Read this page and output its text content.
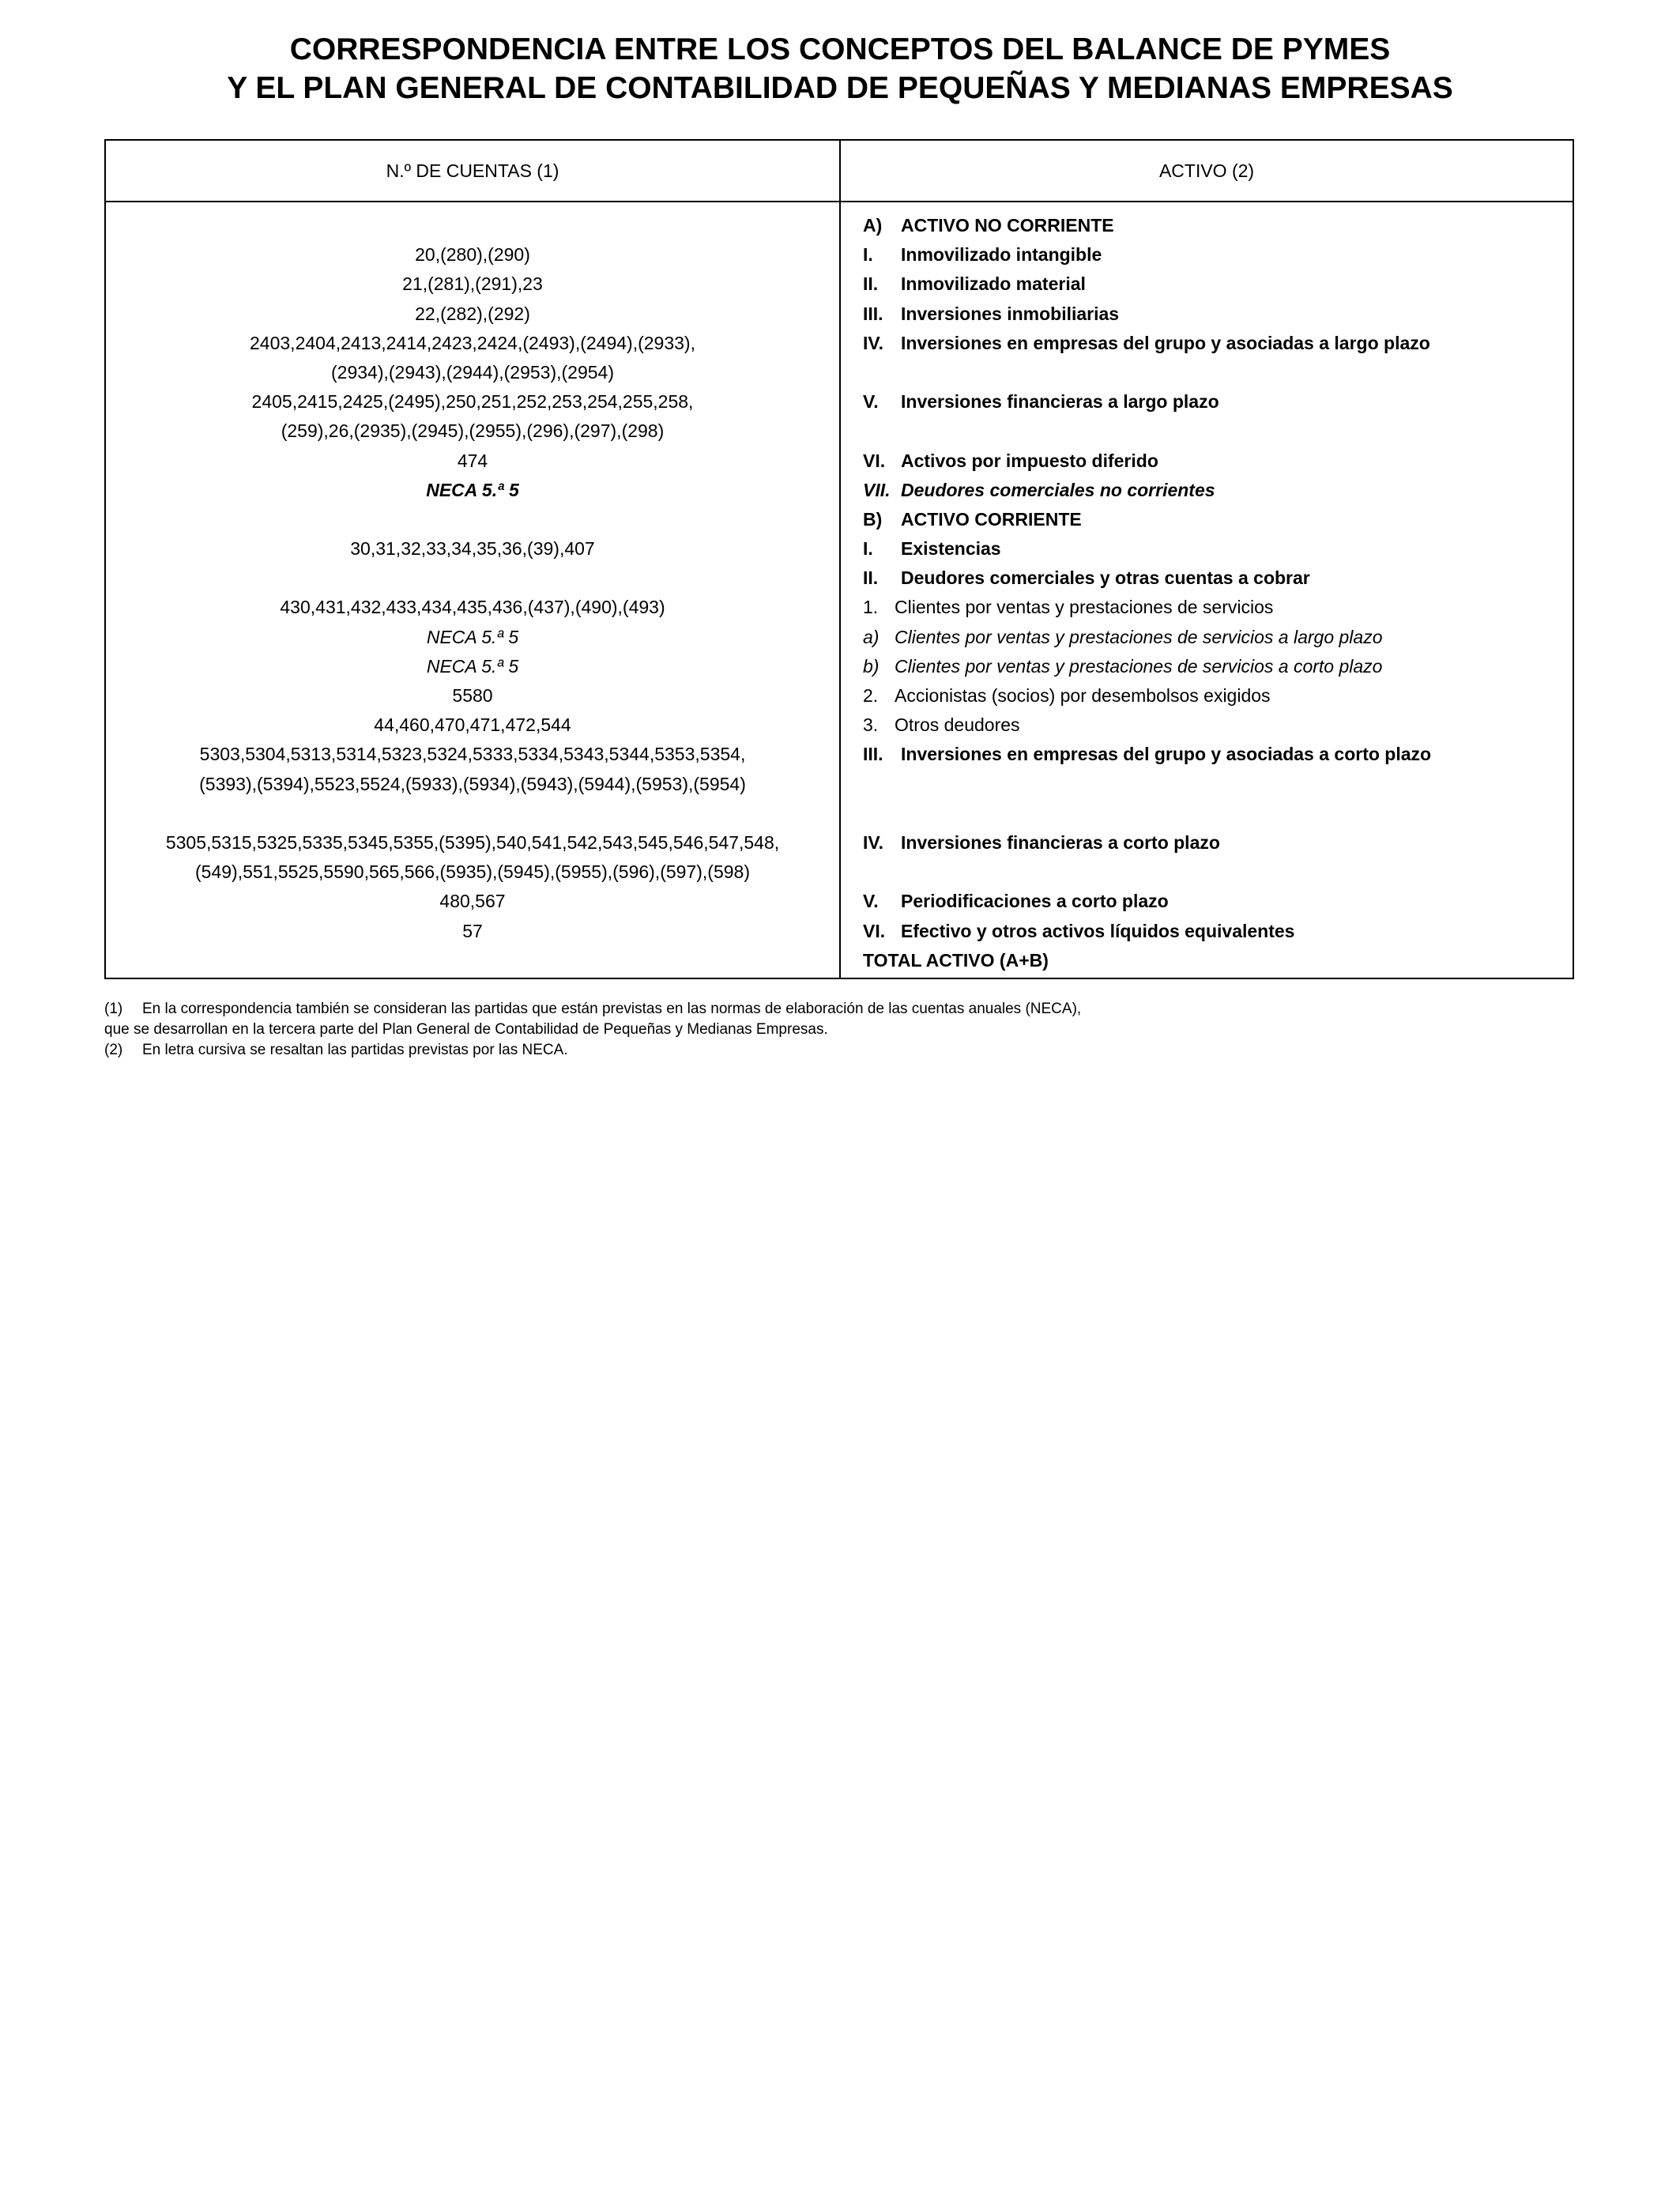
CORRESPONDENCIA ENTRE LOS CONCEPTOS DEL BALANCE DE PYMES
Y EL PLAN GENERAL DE CONTABILIDAD DE PEQUEÑAS Y MEDIANAS EMPRESAS
N.º DE CUENTAS (1)	ACTIVO (2)
A) ACTIVO NO CORRIENTE
20,(280),(290)	I. Inmovilizado intangible
21,(281),(291),23	II. Inmovilizado material
22,(282),(292)	III. Inversiones inmobiliarias
2403,2404,2413,2414,2423,2424,(2493),(2494),(2933),	IV. Inversiones en empresas del grupo y asociadas a largo plazo
(2934),(2943),(2944),(2953),(2954)
2405,2415,2425,(2495),250,251,252,253,254,255,258,	V. Inversiones financieras a largo plazo
(259),26,(2935),(2945),(2955),(296),(297),(298)
474	VI. Activos por impuesto diferido
NECA 5.ª 5	VII. Deudores comerciales no corrientes
B) ACTIVO CORRIENTE
30,31,32,33,34,35,36,(39),407	I. Existencias
II. Deudores comerciales y otras cuentas a cobrar
430,431,432,433,434,435,436,(437),(490),(493)	1. Clientes por ventas y prestaciones de servicios
NECA 5.ª 5	a) Clientes por ventas y prestaciones de servicios a largo plazo
NECA 5.ª 5	b) Clientes por ventas y prestaciones de servicios a corto plazo
5580	2. Accionistas (socios) por desembolsos exigidos
44,460,470,471,472,544	3. Otros deudores
5303,5304,5313,5314,5323,5324,5333,5334,5343,5344,5353,5354,	III. Inversiones en empresas del grupo y asociadas a corto plazo
(5393),(5394),5523,5524,(5933),(5934),(5943),(5944),(5953),(5954)
5305,5315,5325,5335,5345,5355,(5395),540,541,542,543,545,546,547,548,	IV. Inversiones financieras a corto plazo
(549),551,5525,5590,565,566,(5935),(5945),(5955),(596),(597),(598)
480,567	V. Periodificaciones a corto plazo
57	VI. Efectivo y otros activos líquidos equivalentes
TOTAL ACTIVO (A+B)
(1) En la correspondencia también se consideran las partidas que están previstas en las normas de elaboración de las cuentas anuales (NECA),
que se desarrollan en la tercera parte del Plan General de Contabilidad de Pequeñas y Medianas Empresas.
(2) En letra cursiva se resaltan las partidas previstas por las NECA.
